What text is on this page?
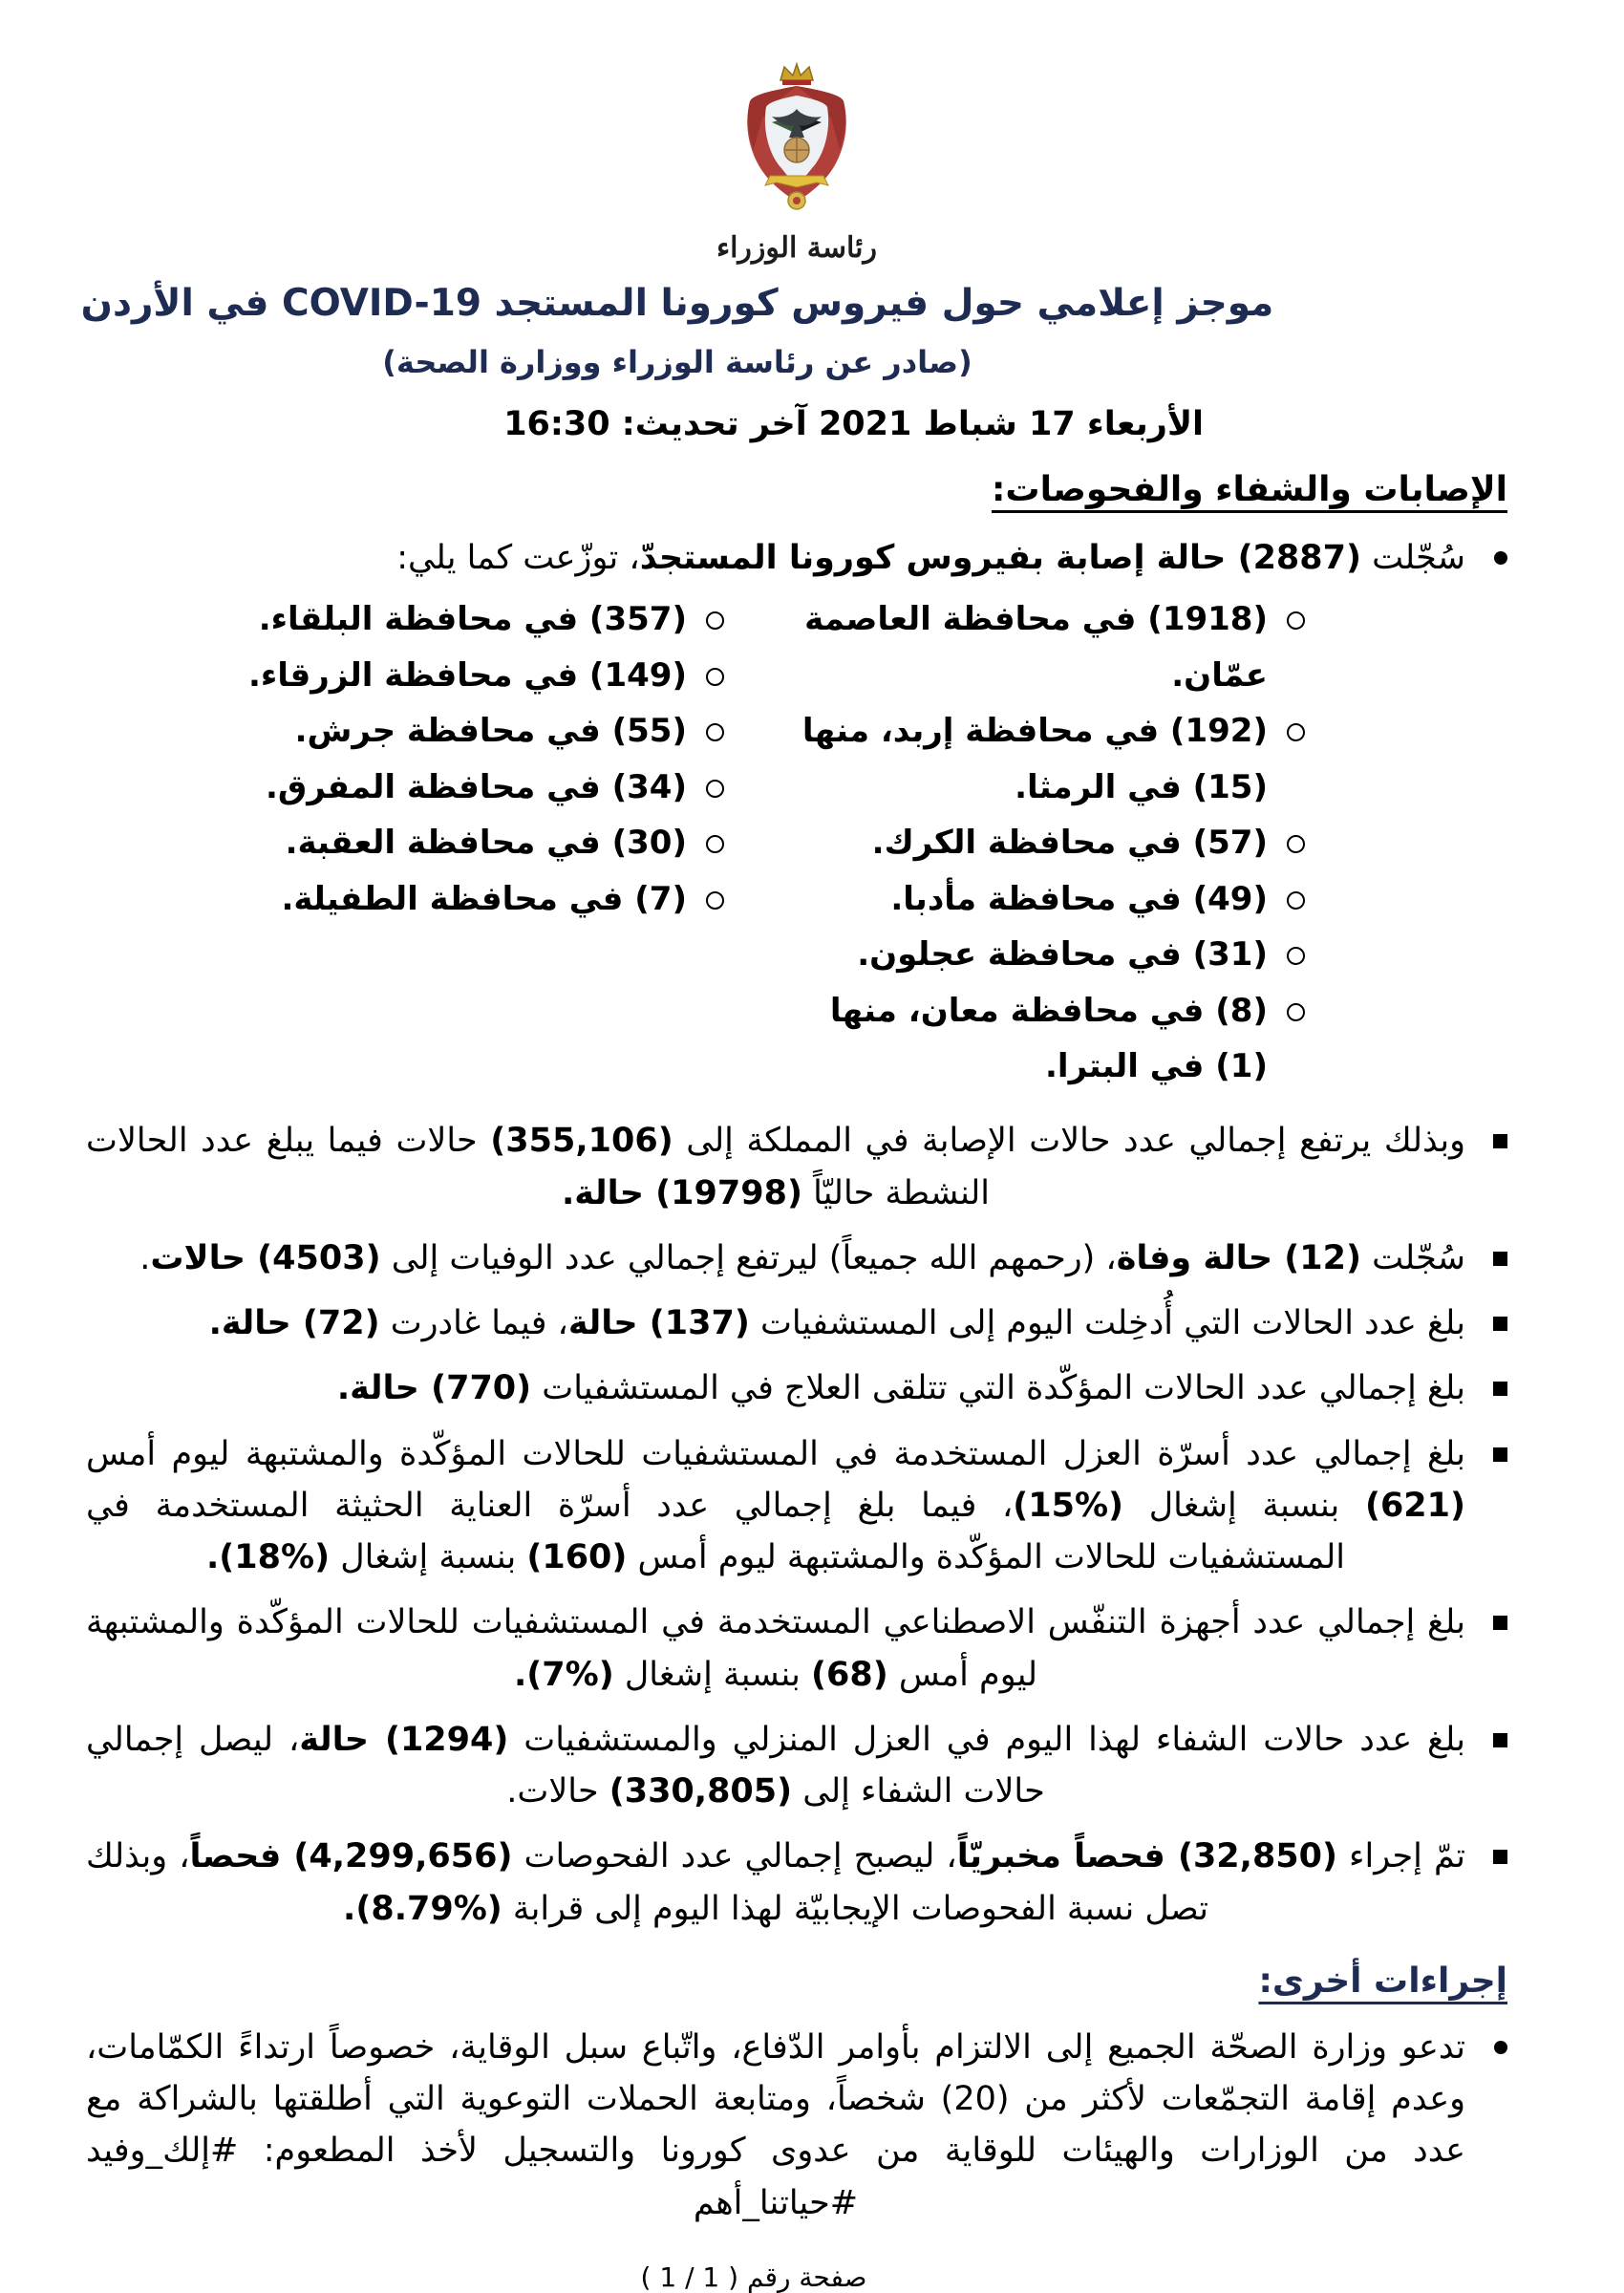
رئاسة الوزراء
موجز إعلامي حول فيروس كورونا المستجد COVID-19 في الأردن
(صادر عن رئاسة الوزراء ووزارة الصحة)
الأربعاء 17 شباط 2021 آخر تحديث: 16:30
الإصابات والشفاء والفحوصات:
سُجّلت (2887) حالة إصابة بفيروس كورونا المستجدّ، توزّعت كما يلي:
(1918) في محافظة العاصمة عمّان.
(192) في محافظة إربد، منها (15) في الرمثا.
(57) في محافظة الكرك.
(49) في محافظة مأدبا.
(31) في محافظة عجلون.
(8) في محافظة معان، منها (1) في البترا.
(357) في محافظة البلقاء.
(149) في محافظة الزرقاء.
(55) في محافظة جرش.
(34) في محافظة المفرق.
(30) في محافظة العقبة.
(7) في محافظة الطفيلة.
وبذلك يرتفع إجمالي عدد حالات الإصابة في المملكة إلى (355,106) حالات فيما يبلغ عدد الحالات النشطة حاليّاً (19798) حالة.
سُجّلت (12) حالة وفاة، (رحمهم الله جميعاً) ليرتفع إجمالي عدد الوفيات إلى (4503) حالات.
بلغ عدد الحالات التي أُدخِلت اليوم إلى المستشفيات (137) حالة، فيما غادرت (72) حالة.
بلغ إجمالي عدد الحالات المؤكّدة التي تتلقى العلاج في المستشفيات (770) حالة.
بلغ إجمالي عدد أسرّة العزل المستخدمة في المستشفيات للحالات المؤكّدة والمشتبهة ليوم أمس (621) بنسبة إشغال (%15)، فيما بلغ إجمالي عدد أسرّة العناية الحثيثة المستخدمة في المستشفيات للحالات المؤكّدة والمشتبهة ليوم أمس (160) بنسبة إشغال (%18).
بلغ إجمالي عدد أجهزة التنفّس الاصطناعي المستخدمة في المستشفيات للحالات المؤكّدة والمشتبهة ليوم أمس (68) بنسبة إشغال (%7).
بلغ عدد حالات الشفاء لهذا اليوم في العزل المنزلي والمستشفيات (1294) حالة، ليصل إجمالي حالات الشفاء إلى (330,805) حالات.
تمّ إجراء (32,850) فحصاً مخبريّاً، ليصبح إجمالي عدد الفحوصات (4,299,656) فحصاً، وبذلك تصل نسبة الفحوصات الإيجابيّة لهذا اليوم إلى قرابة (%8.79).
إجراءات أخرى:
تدعو وزارة الصحّة الجميع إلى الالتزام بأوامر الدّفاع، واتّباع سبل الوقاية، خصوصاً ارتداءً الكمّامات، وعدم إقامة التجمّعات لأكثر من (20) شخصاً، ومتابعة الحملات التوعوية التي أطلقتها بالشراكة مع عدد من الوزارات والهيئات للوقاية من عدوى كورونا والتسجيل لأخذ المطعوم: #إلك_وفيد #حياتنا_أهم
صفحة رقم ( 1 / 1 )
